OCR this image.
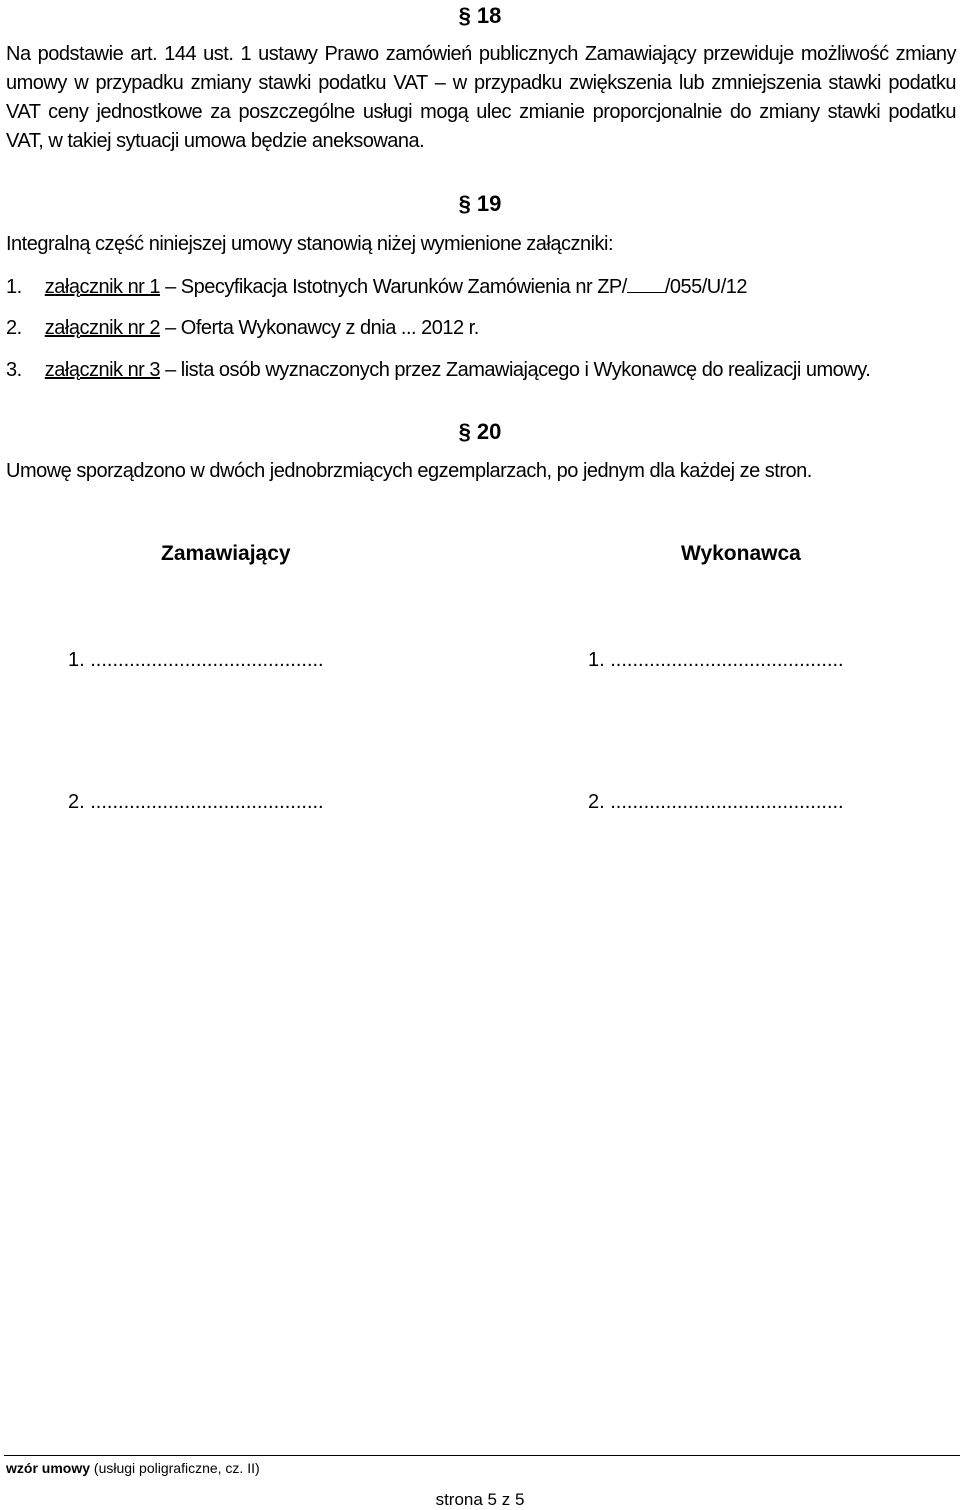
§ 18
Na podstawie art. 144 ust. 1 ustawy Prawo zamówień publicznych Zamawiający przewiduje możliwość zmiany umowy w przypadku zmiany stawki podatku VAT – w przypadku zwiększenia lub zmniejszenia stawki podatku VAT ceny jednostkowe za poszczególne usługi mogą ulec zmianie proporcjonalnie do zmiany stawki podatku VAT, w takiej sytuacji umowa będzie aneksowana.
§ 19
Integralną część niniejszej umowy stanowią niżej wymienione załączniki:
1. załącznik nr 1 – Specyfikacja Istotnych Warunków Zamówienia nr ZP/ /055/U/12
2. załącznik nr 2 – Oferta Wykonawcy z dnia ... 2012 r.
3. załącznik nr 3 – lista osób wyznaczonych przez Zamawiającego i Wykonawcę do realizacji umowy.
§ 20
Umowę sporządzono w dwóch jednobrzmiących egzemplarzach, po jednym dla każdej ze stron.
Zamawiający	Wykonawca
1. ..........................................	1. ..........................................
2. ..........................................	2. ..........................................
wzór umowy (usługi poligraficzne, cz. II)
strona 5 z 5
